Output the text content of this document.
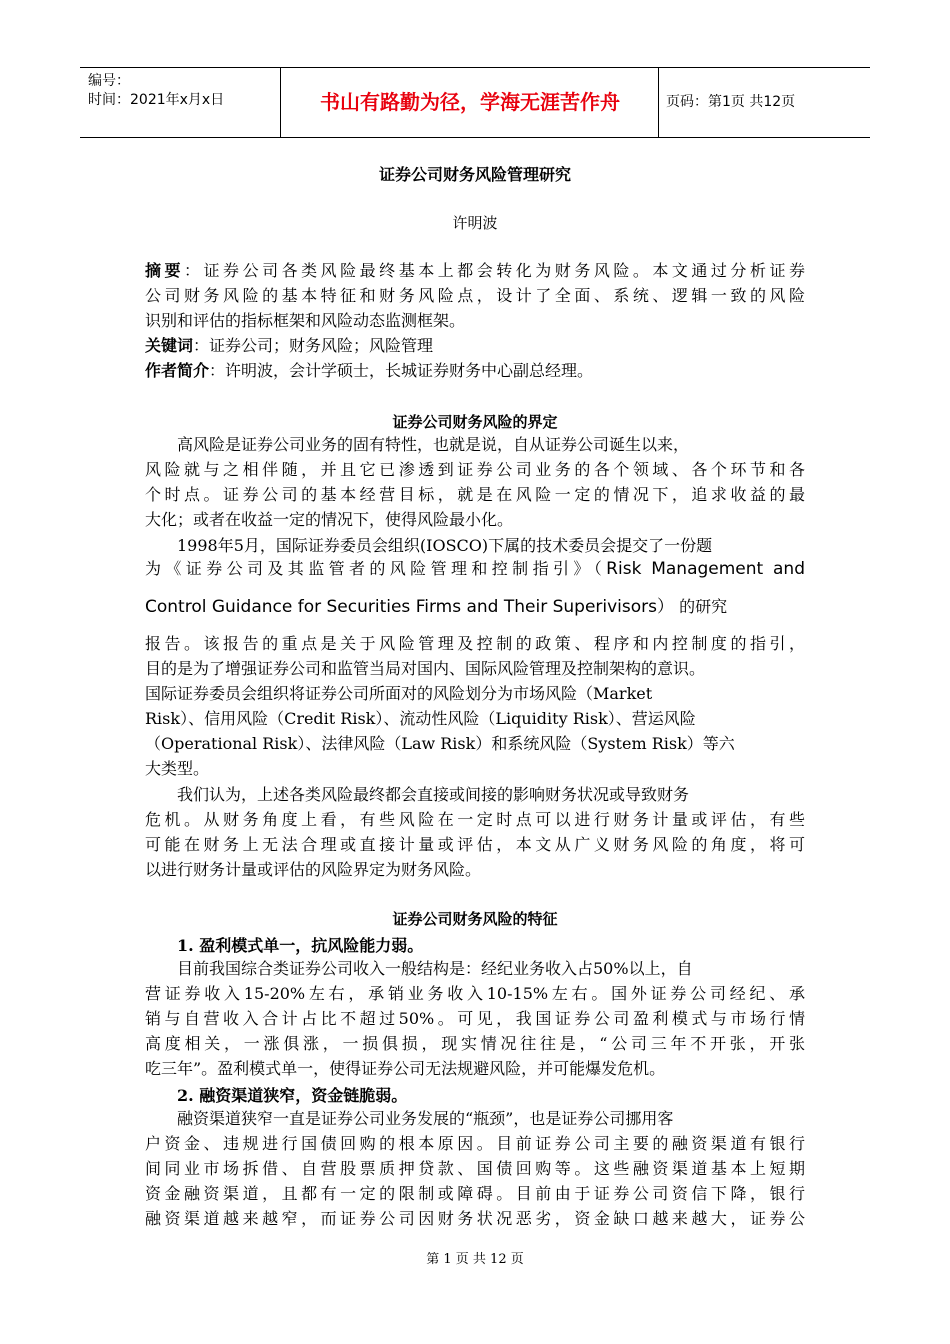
编号：
时间：2021年x月x日	书山有路勤为径，学海无涯苦作舟	页码：第1页 共12页
证券公司财务风险管理研究
许明波
摘要：证券公司各类风险最终基本上都会转化为财务风险。本文通过分析证券
公司财务风险的基本特征和财务风险点，设计了全面、系统、逻辑一致的风险
识别和评估的指标框架和风险动态监测框架。
关键词：证券公司；财务风险；风险管理
作者简介：许明波，会计学硕士，长城证券财务中心副总经理。
证券公司财务风险的界定
高风险是证券公司业务的固有特性，也就是说，自从证券公司诞生以来，
风险就与之相伴随，并且它已渗透到证券公司业务的各个领域、各个环节和各
个时点。证券公司的基本经营目标，就是在风险一定的情况下，追求收益的最
大化；或者在收益一定的情况下，使得风险最小化。
1998年5月，国际证券委员会组织(IOSCO)下属的技术委员会提交了一份题
为《证券公司及其监管者的风险管理和控制指引》（Risk Management and
Control Guidance for Securities Firms and Their Superivisors） 的研究
报告。该报告的重点是关于风险管理及控制的政策、程序和内控制度的指引，
目的是为了增强证券公司和监管当局对国内、国际风险管理及控制架构的意识。
国际证券委员会组织将证券公司所面对的风险划分为市场风险（Market
Risk）、信用风险（Credit Risk）、流动性风险（Liquidity Risk）、营运风险
（Operational Risk）、法律风险（Law Risk）和系统风险（System Risk）等六
大类型。
我们认为，上述各类风险最终都会直接或间接的影响财务状况或导致财务
危机。从财务角度上看，有些风险在一定时点可以进行财务计量或评估，有些
可能在财务上无法合理或直接计量或评估，本文从广义财务风险的角度，将可
以进行财务计量或评估的风险界定为财务风险。
证券公司财务风险的特征
1. 盈利模式单一，抗风险能力弱。
目前我国综合类证券公司收入一般结构是：经纪业务收入占50%以上，自
营证券收入15-20%左右，承销业务收入10-15%左右。国外证券公司经纪、承
销与自营收入合计占比不超过50%。可见，我国证券公司盈利模式与市场行情
高度相关，一涨俱涨，一损俱损，现实情况往往是，“公司三年不开张，开张
吃三年”。盈利模式单一，使得证券公司无法规避风险，并可能爆发危机。
2. 融资渠道狭窄，资金链脆弱。
融资渠道狭窄一直是证券公司业务发展的“瓶颈”，也是证券公司挪用客
户资金、违规进行国债回购的根本原因。目前证券公司主要的融资渠道有银行
间同业市场拆借、自营股票质押贷款、国债回购等。这些融资渠道基本上短期
资金融资渠道，且都有一定的限制或障碍。目前由于证券公司资信下降，银行
融资渠道越来越窄，而证券公司因财务状况恶劣，资金缺口越来越大，证券公
第 1 页 共 12 页
